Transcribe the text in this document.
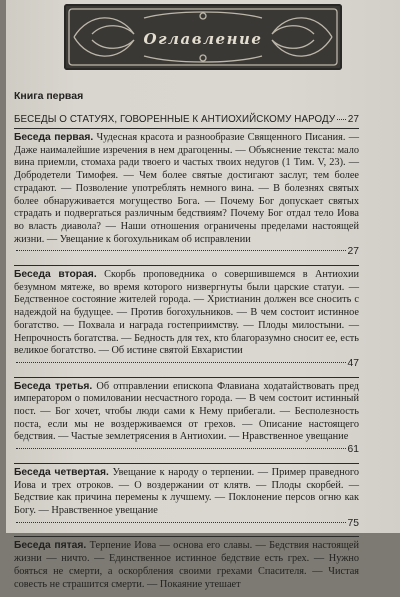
Оглавление
Книга первая
БЕСЕДЫ О СТАТУЯХ, ГОВОРЕННЫЕ К АНТИОХИЙСКОМУ НАРОДУ 27
Беседа первая. Чудесная красота и разнообразие Священного Писания. — Даже наималейшие изречения в нем драгоценны. — Объяснение текста: мало вина приемли, стомаха ради твоего и частых твоих недугов (1 Тим. V, 23). — Добродетели Тимофея. — Чем более святые достигают заслуг, тем более страдают. — Позволение употреблять немного вина. — В болезнях святых более обнаруживается могущество Бога. — Почему Бог допускает святых страдать и подвергаться различным бедствиям? Почему Бог отдал тело Иова во власть диавола? — Наши отношения ограничены пределами настоящей жизни. — Увещание к богохульникам об исправлении
27
Беседа вторая. Скорбь проповедника о совершившемся в Антиохии безумном мятеже, во время которого низвергнуты были царские статуи. — Бедственное состояние жителей города. — Христианин должен все сносить с надеждой на будущее. — Против богохульников. — В чем состоит истинное богатство. — Похвала и награда гостеприимству. — Плоды милостыни. — Непрочность богатства. — Бедность для тех, кто благоразумно сносит ее, есть великое богатство. — Об истине святой Евхаристии
47
Беседа третья. Об отправлении епископа Флавиана ходатайствовать пред императором о помиловании несчастного города. — В чем состоит истинный пост. — Бог хочет, чтобы люди сами к Нему прибегали. — Бесполезность поста, если мы не воздерживаемся от грехов. — Описание настоящего бедствия. — Частые землетрясения в Антиохии. — Нравственное увещание
61
Беседа четвертая. Увещание к народу о терпении. — Пример праведного Иова и трех отроков. — О воздержании от клятв. — Плоды скорбей. — Бедствие как причина перемены к лучшему. — Поклонение персов огню как Богу. — Нравственное увещание
75
Беседа пятая. Терпение Иова — основа его славы. — Бедствия настоящей жизни — ничто. — Единственное истинное бедствие есть грех. — Нужно бояться не смерти, а оскорбления своими грехами Спасителя. — Чистая совесть не страшится смерти. — Покаяние утешает
